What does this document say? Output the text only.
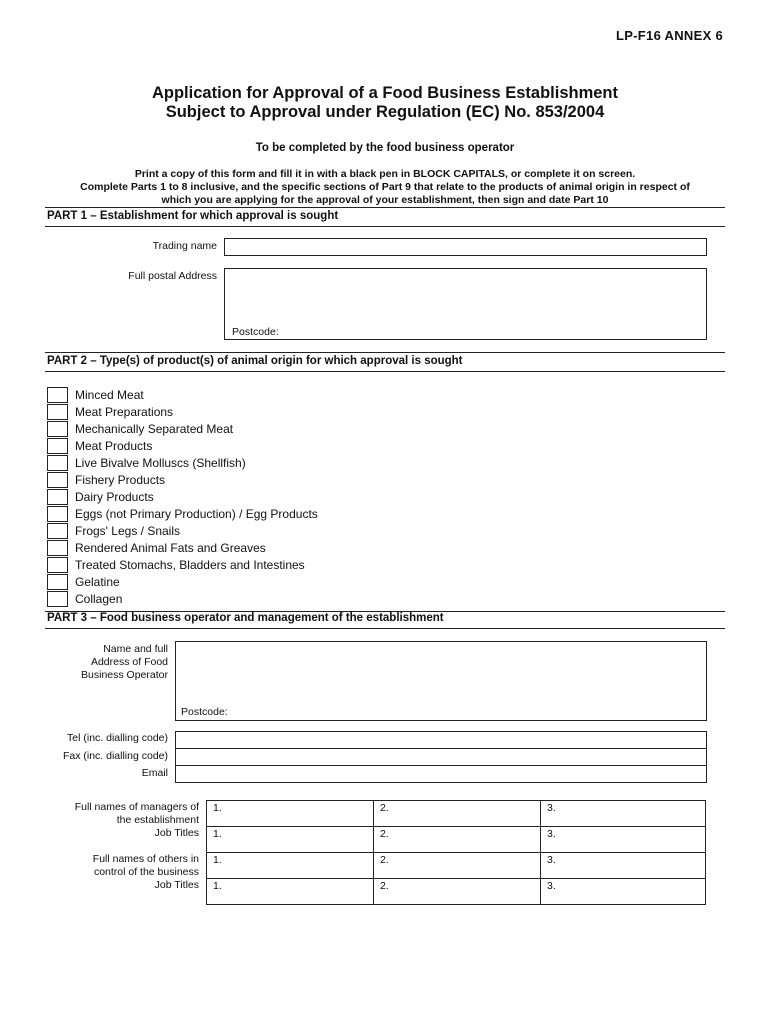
LP-F16 ANNEX 6
Application for Approval of a Food Business Establishment
Subject to Approval under Regulation (EC) No. 853/2004
To be completed by the food business operator
Print a copy of this form and fill it in with a black pen in BLOCK CAPITALS, or complete it on screen.
Complete Parts 1 to 8 inclusive, and the specific sections of Part 9 that relate to the products of animal origin in respect of
which you are applying for the approval of your establishment, then sign and date Part 10
PART 1 – Establishment for which approval is sought
Trading name
Full postal Address
Postcode:
PART 2 – Type(s) of product(s) of animal origin for which approval is sought
Minced Meat
Meat Preparations
Mechanically Separated Meat
Meat Products
Live Bivalve Molluscs (Shellfish)
Fishery Products
Dairy Products
Eggs (not Primary Production) / Egg Products
Frogs' Legs / Snails
Rendered Animal Fats and Greaves
Treated Stomachs, Bladders and Intestines
Gelatine
Collagen
PART 3 – Food business operator and management of the establishment
Name and full
Address of Food
Business Operator
Postcode:
Tel (inc. dialling code)
Fax (inc. dialling code)
Email
Full names of managers of
the establishment
Job Titles
1.	2.	3.
1.	2.	3.
Full names of others in
control of the business
Job Titles
1.	2.	3.
1.	2.	3.
